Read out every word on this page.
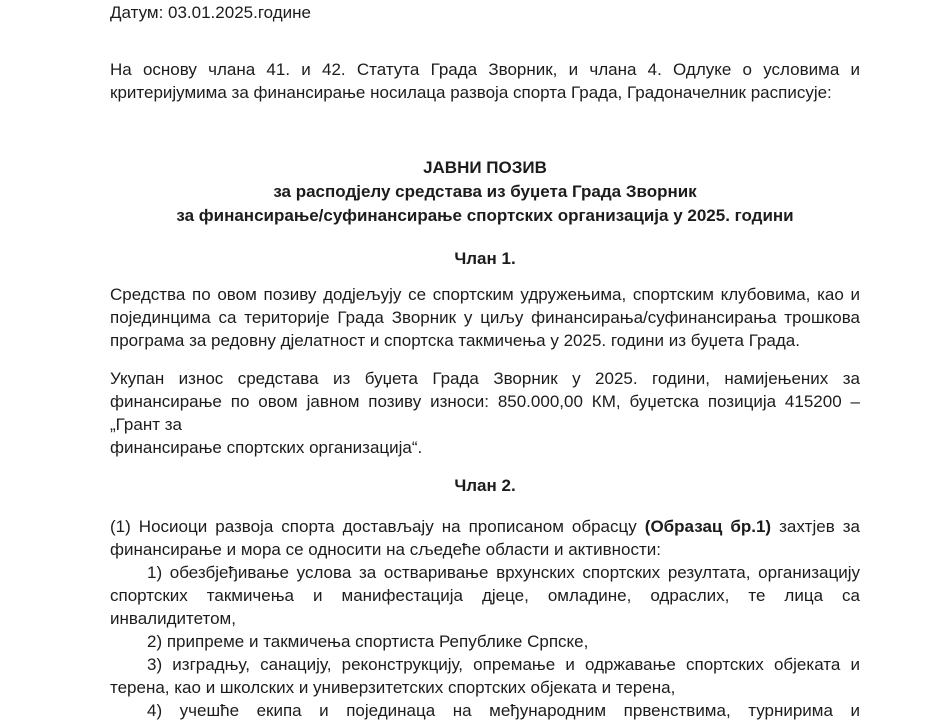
Датум: 03.01.2025.године

На основу члана 41. и 42. Статута Града Зворник, и члана 4. Одлуке о условима и критеријумима за финансирање носилаца развоја спорта Града, Градоначелник расписује:

ЈАВНИ ПОЗИВ
за расподјелу средстава из буџета Града Зворник
за финансирање/суфинансирање спортских организација у 2025. години

Члан 1.

Средства по овом позиву додјељују се спортским удружењима, спортским клубовима, као и појединцима са територије Града Зворник у циљу финансирања/суфинансирања трошкова програма за редовну дјелатност и спортска такмичења у 2025. години из буџета Града.

Укупан износ средстава из буџета Града Зворник у 2025. години, намијењених за финансирање по овом јавном позиву износи: 850.000,00 КМ, буџетска позиција 415200 – „Грант за
финансирање спортских организација“.

Члан 2.

(1) Носиоци развоја спорта достављају на прописаном обрасцу (Образац бр.1) захтјев за финансирање и мора се односити на сљедеће области и активности:

1) обезбјеђивање услова за остваривање врхунских спортских резултата, организацију спортских такмичења и манифестација дјеце, омладине, одраслих, те лица са инвалидитетом,

2) припреме и такмичења спортиста Републике Српске,

3) изградњу, санацију, реконструкцију, опремање и одржавање спортских објеката и терена, као и школских и универзитетских спортских објеката и терена,

4) учешће екипа и појединаца на међународним првенствима, турнирима и
